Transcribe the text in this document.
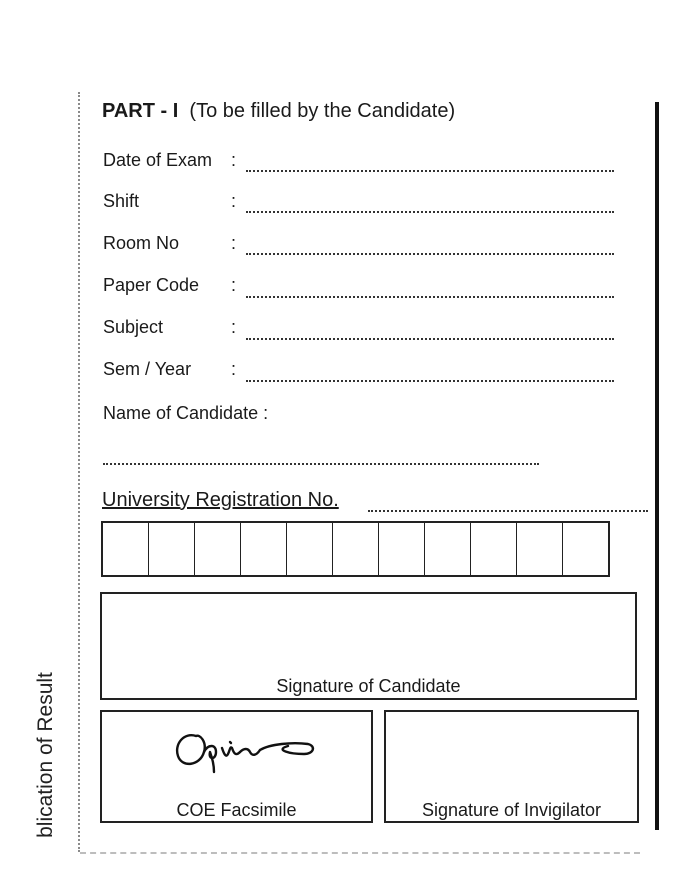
blication of Result
PART - I (To be filled by the Candidate)
Date of Exam :
Shift	:
Room No	:
Paper Code :
Subject	:
Sem / Year :
Name of Candidate :
University Registration No.
Signature of Candidate
COE Facsimile	Signature of Invigilator
